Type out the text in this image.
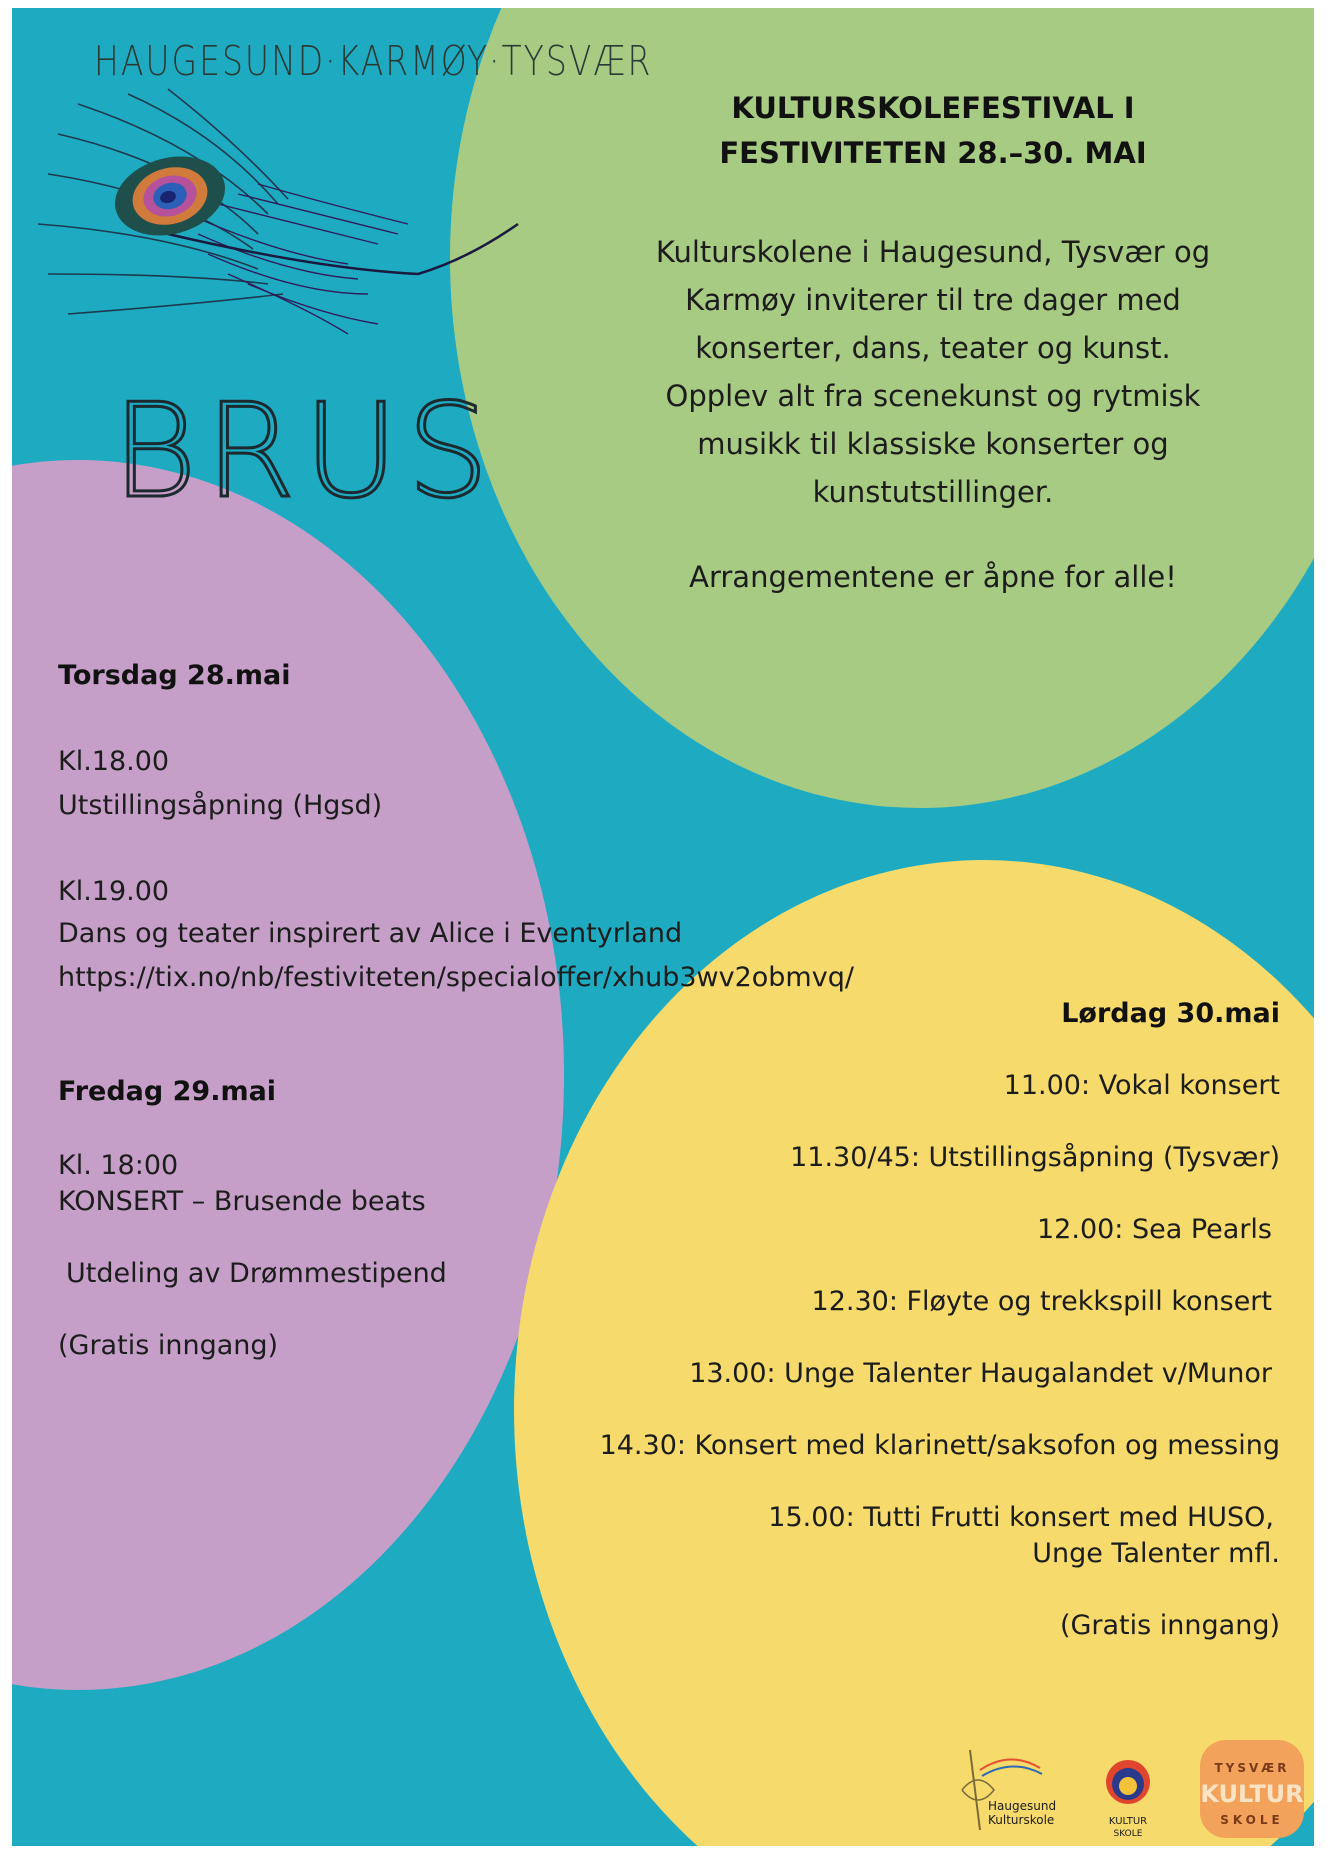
HAUGESUND·KARMØY·TYSVÆR
BRUS
KULTURSKOLEFESTIVAL I
FESTIVITETEN 28.–30. MAI
Kulturskolene i Haugesund, Tysvær og
Karmøy inviterer til tre dager med
konserter, dans, teater og kunst.
Opplev alt fra scenekunst og rytmisk
musikk til klassiske konserter og
kunstutstillinger.
Arrangementene er åpne for alle!
Torsdag 28.mai
Kl.18.00
Utstillingsåpning (Hgsd)
Kl.19.00
Dans og teater inspirert av Alice i Eventyrland
https://tix.no/nb/festiviteten/specialoffer/xhub3wv2obmvq/
Fredag 29.mai
Kl. 18:00
KONSERT – Brusende beats
Utdeling av Drømmestipend
(Gratis inngang)
Lørdag 30.mai
11.00: Vokal konsert
11.30/45: Utstillingsåpning (Tysvær)
12.00: Sea Pearls
12.30: Fløyte og trekkspill konsert
13.00: Unge Talenter Haugalandet v/Munor
14.30: Konsert med klarinett/saksofon og messing
15.00: Tutti Frutti konsert med HUSO,
Unge Talenter mfl.
(Gratis inngang)
Haugesund
Kulturskole	KULTUR
SKOLE
TYSVÆR
KULTUR
SKOLE
